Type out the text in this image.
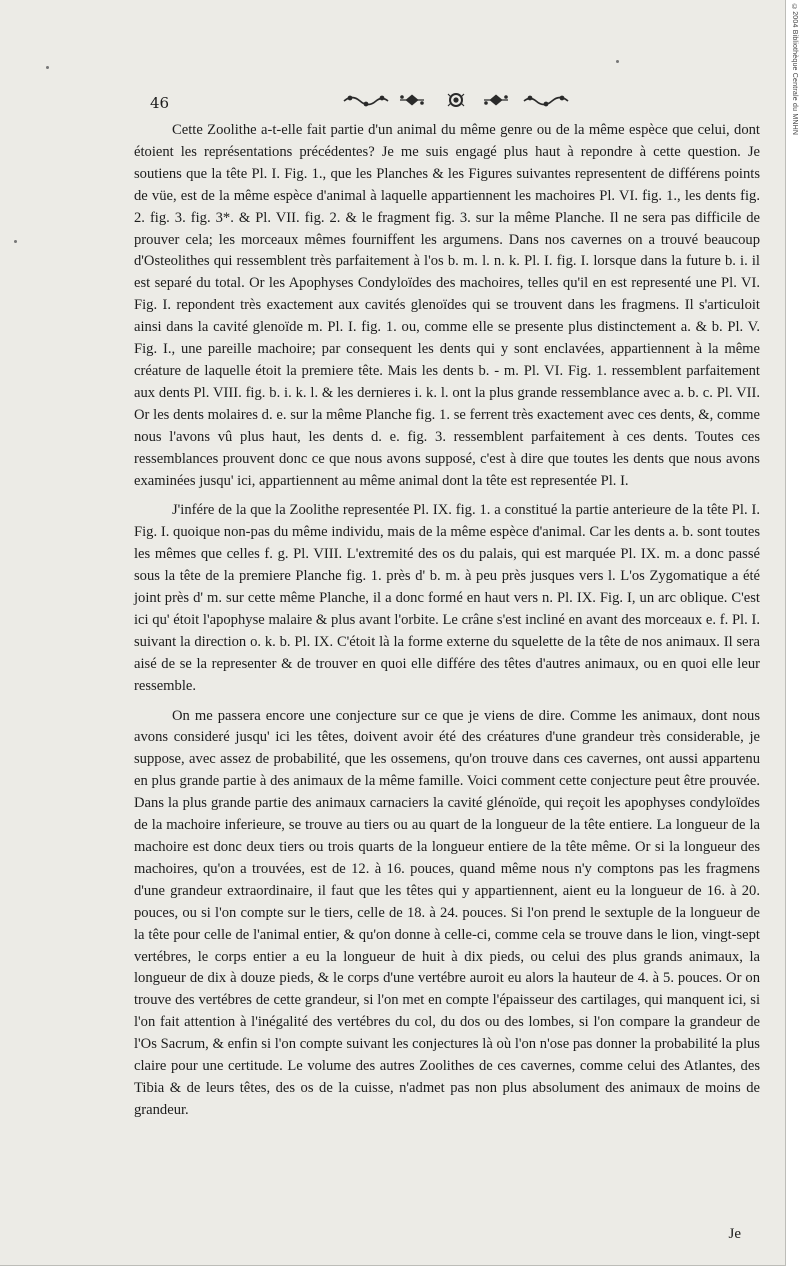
46

Cette Zoolithe a-t-elle fait partie d'un animal du même genre ou de la même espèce que celui, dont étoient les représentations précédentes? Je me suis engagé plus haut à repondre à cette question. Je soutiens que la tête Pl. I. Fig. 1., que les Planches & les Figures suivantes representent de différens points de vüe, est de la même espèce d'animal à laquelle appartiennent les machoires Pl. VI. fig. 1., les dents fig. 2. fig. 3. fig. 3*. & Pl. VII. fig. 2. & le fragment fig. 3. sur la même Planche. Il ne sera pas difficile de prouver cela; les morceaux mêmes fourniffent les argumens. Dans nos cavernes on a trouvé beaucoup d'Osteolithes qui ressemblent très parfaitement à l'os b. m. l. n. k. Pl. I. fig. I. lorsque dans la future b. i. il est separé du total. Or les Apophyses Condyloïdes des machoires, telles qu'il en est representé une Pl. VI. Fig. I. repondent très exactement aux cavités glenoïdes qui se trouvent dans les fragmens. Il s'articuloit ainsi dans la cavité glenoïde m. Pl. I. fig. 1. ou, comme elle se presente plus distinctement a. & b. Pl. V. Fig. I., une pareille machoire; par consequent les dents qui y sont enclavées, appartiennent à la même créature de laquelle étoit la premiere tête. Mais les dents b. - m. Pl. VI. Fig. 1. ressemblent parfaitement aux dents Pl. VIII. fig. b. i. k. l. & les dernieres i. k. l. ont la plus grande ressemblance avec a. b. c. Pl. VII. Or les dents molaires d. e. sur la même Planche fig. 1. se ferrent très exactement avec ces dents, &, comme nous l'avons vû plus haut, les dents d. e. fig. 3. ressemblent parfaitement à ces dents. Toutes ces ressemblances prouvent donc ce que nous avons supposé, c'est à dire que toutes les dents que nous avons examinées jusqu' ici, appartiennent au même animal dont la tête est representée Pl. I.

J'infére de la que la Zoolithe representée Pl. IX. fig. 1. a constitué la partie anterieure de la tête Pl. I. Fig. I. quoique non-pas du même individu, mais de la même espèce d'animal. Car les dents a. b. sont toutes les mêmes que celles f. g. Pl. VIII. L'extremité des os du palais, qui est marquée Pl. IX. m. a donc passé sous la tête de la premiere Planche fig. 1. près d' b. m. à peu près jusques vers l. L'os Zygomatique a été joint près d' m. sur cette même Planche, il a donc formé en haut vers n. Pl. IX. Fig. I, un arc oblique. C'est ici qu' étoit l'apophyse malaire & plus avant l'orbite. Le crâne s'est incliné en avant des morceaux e. f. Pl. I. suivant la direction o. k. b. Pl. IX. C'étoit là la forme externe du squelette de la tête de nos animaux. Il sera aisé de se la representer & de trouver en quoi elle différe des têtes d'autres animaux, ou en quoi elle leur ressemble.

On me passera encore une conjecture sur ce que je viens de dire. Comme les animaux, dont nous avons consideré jusqu' ici les têtes, doivent avoir été des créatures d'une grandeur très considerable, je suppose, avec assez de probabilité, que les ossemens, qu'on trouve dans ces cavernes, ont aussi appartenu en plus grande partie à des animaux de la même famille. Voici comment cette conjecture peut être prouvée. Dans la plus grande partie des animaux carnaciers la cavité glénoïde, qui reçoit les apophyses condyloïdes de la machoire inferieure, se trouve au tiers ou au quart de la longueur de la tête entiere. La longueur de la machoire est donc deux tiers ou trois quarts de la longueur entiere de la tête même. Or si la longueur des machoires, qu'on a trouvées, est de 12. à 16. pouces, quand même nous n'y comptons pas les fragmens d'une grandeur extraordinaire, il faut que les têtes qui y appartiennent, aient eu la longueur de 16. à 20. pouces, ou si l'on compte sur le tiers, celle de 18. à 24. pouces. Si l'on prend le sextuple de la longueur de la tête pour celle de l'animal entier, & qu'on donne à celle-ci, comme cela se trouve dans le lion, vingt-sept vertébres, le corps entier a eu la longueur de huit à dix pieds, ou celui des plus grands animaux, la longueur de dix à douze pieds, & le corps d'une vertébre auroit eu alors la hauteur de 4. à 5. pouces. Or on trouve des vertébres de cette grandeur, si l'on met en compte l'épaisseur des cartilages, qui manquent ici, si l'on fait attention à l'inégalité des vertébres du col, du dos ou des lombes, si l'on compare la grandeur de l'Os Sacrum, & enfin si l'on compte suivant les conjectures là où l'on n'ose pas donner la probabilité la plus claire pour une certitude. Le volume des autres Zoolithes de ces cavernes, comme celui des Atlantes, des Tibia & de leurs têtes, des os de la cuisse, n'admet pas non plus absolument des animaux de moins de grandeur.

Je
©2004 Bibliothèque Centrale du MNHN
